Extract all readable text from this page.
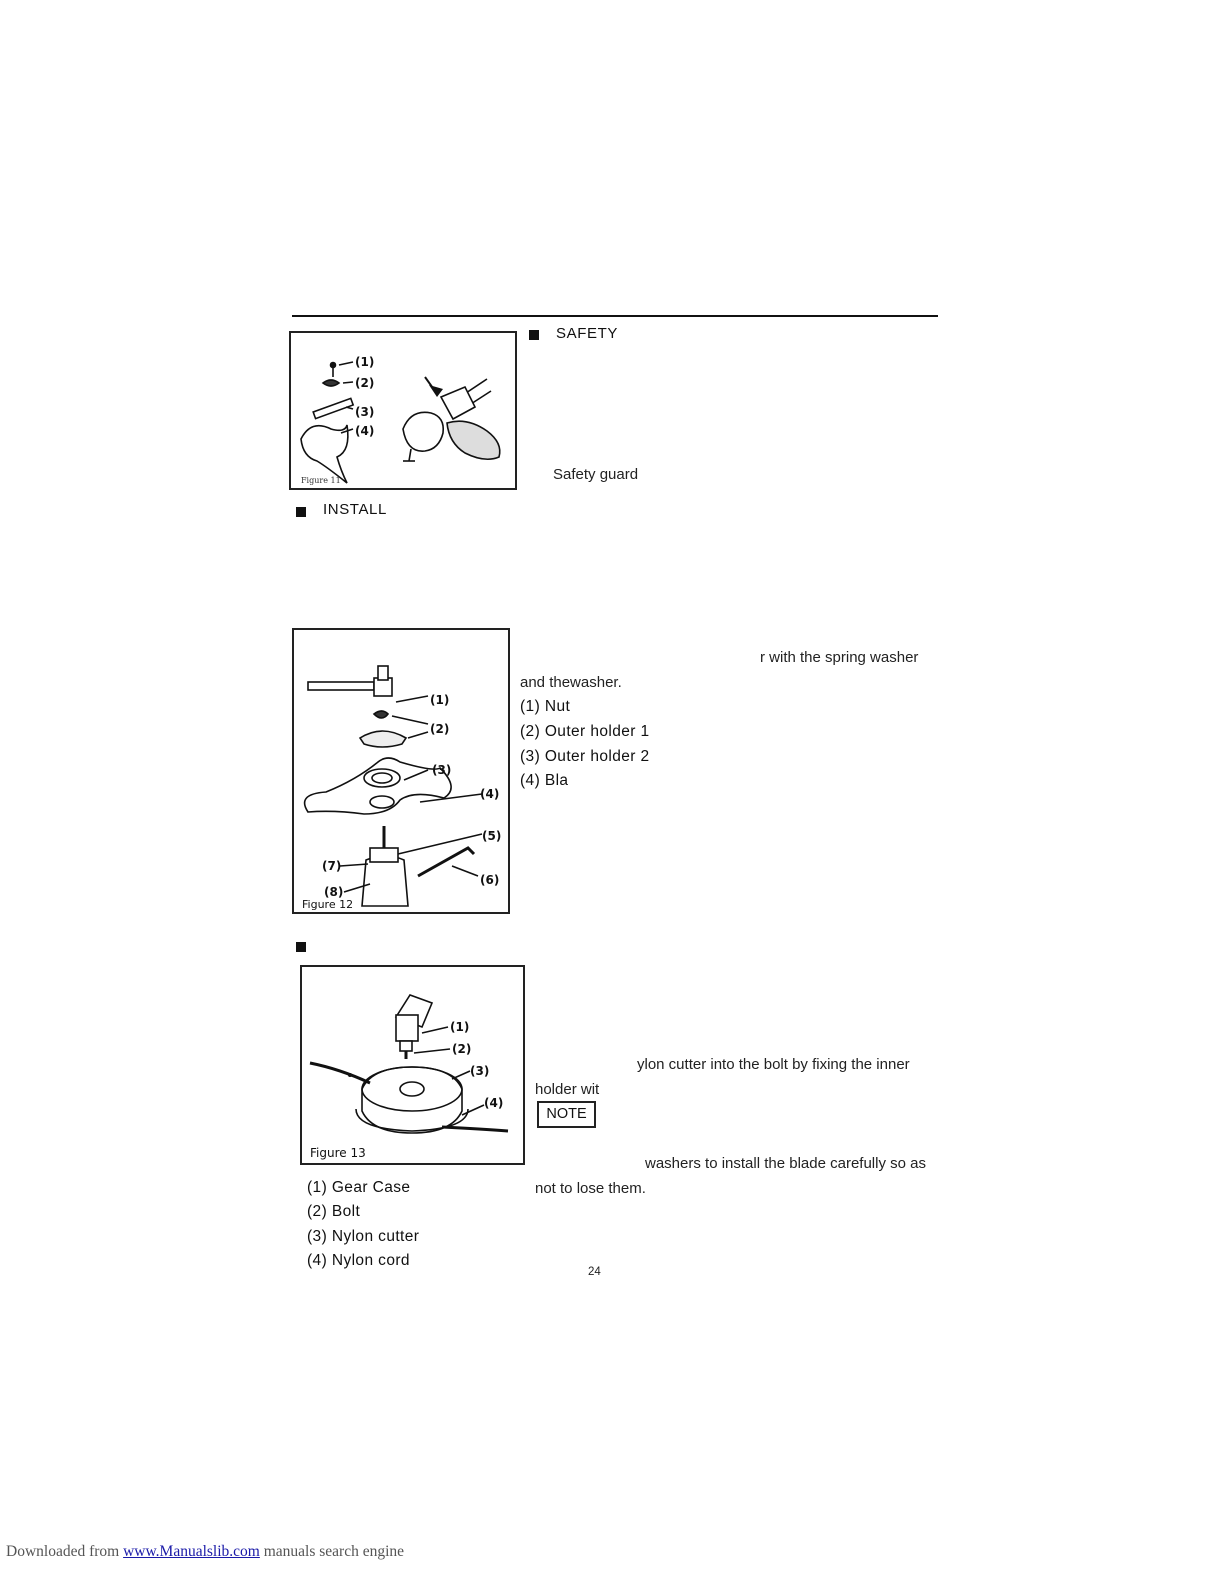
SAFETY
Safety guard
(1)
(2)
(3)
(4)
Figure 11
INSTALL
(1)
(2)
(3)
(4)
(5)
(6)
(7)
(8)
Figure 12
r with the spring washer
and thewasher.
(1) Nut
(2) Outer holder 1
(3) Outer holder 2
(4) Bla
(1)
(2)
(3)
(4)
Figure 13
ylon cutter into the bolt by fixing the inner
holder wit
NOTE
washers to install the blade carefully so as
not to lose them.
(1) Gear Case
(2) Bolt
(3) Nylon cutter
(4) Nylon cord
24
Downloaded from www.Manualslib.com manuals search engine
